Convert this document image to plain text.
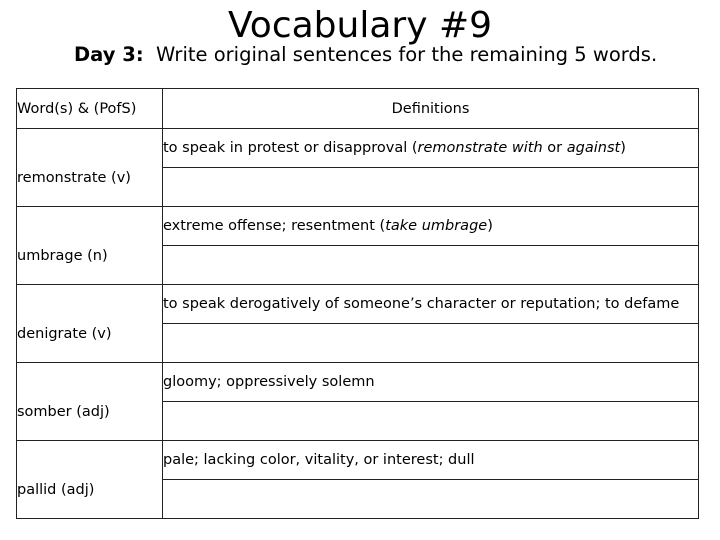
Vocabulary #9
Day 3: Write original sentences for the remaining 5 words.
Word(s) & (PofS)	Definitions
remonstrate (v)	to speak in protest or disapproval (remonstrate with or against)

umbrage (n)	extreme offense; resentment (take umbrage)

denigrate (v)	to speak derogatively of someone’s character or reputation; to defame

somber (adj)	gloomy; oppressively solemn

pallid (adj)	pale; lacking color, vitality, or interest; dull
